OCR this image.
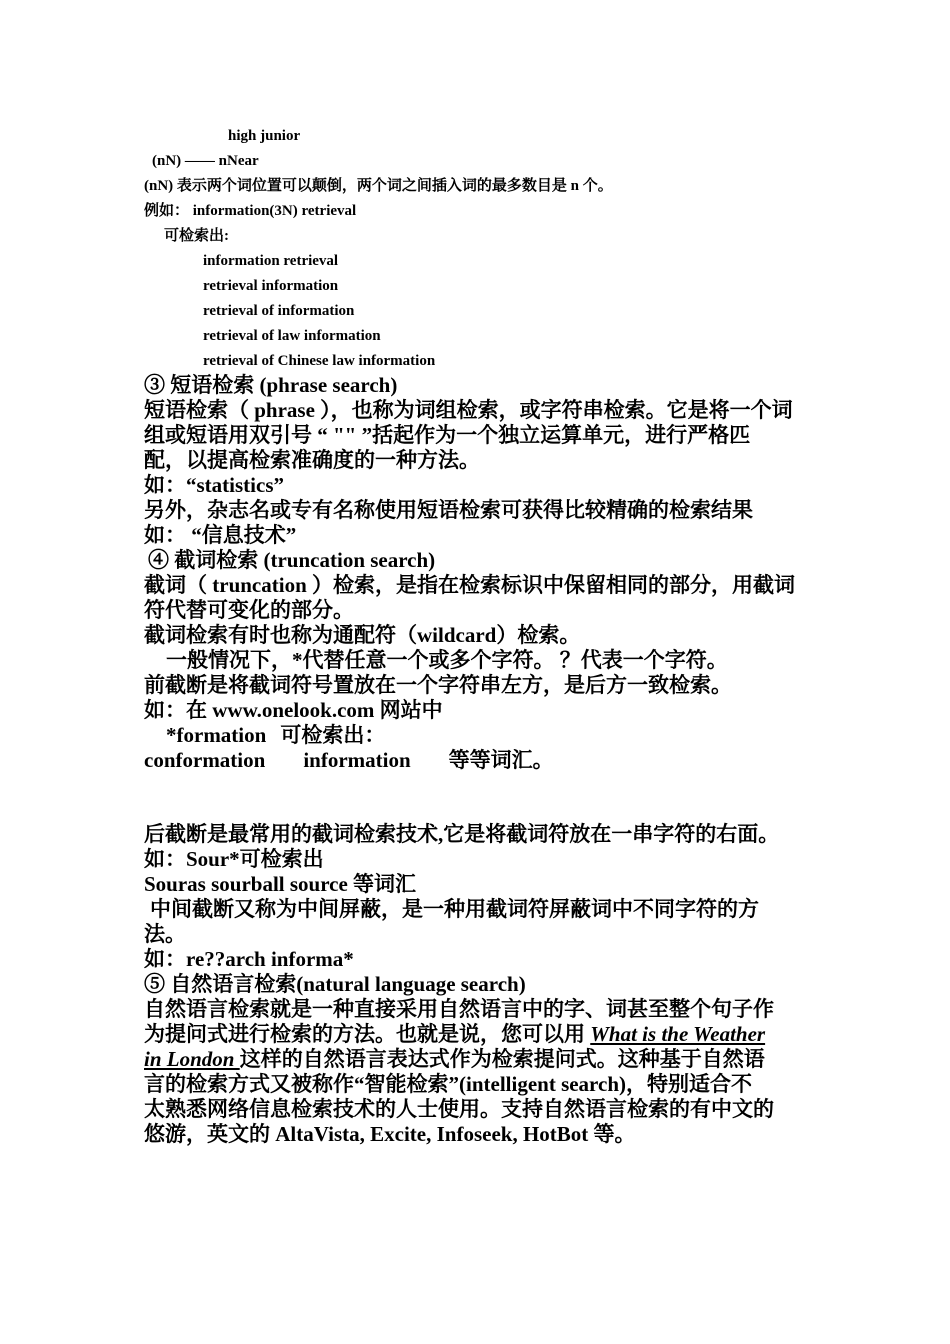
high junior
(nN) —— nNear
(nN) 表示两个词位置可以颠倒，两个词之间插入词的最多数目是 n 个。
例如： information(3N) retrieval
可检索出:
information retrieval
retrieval information
retrieval of information
retrieval of law information
retrieval of Chinese law information
③ 短语检索 (phrase search)
短语检索（ phrase ），也称为词组检索，或字符串检索。它是将一个词
组或短语用双引号 “ "" ”括起作为一个独立运算单元，进行严格匹
配，以提高检索准确度的一种方法。
如：“statistics”
另外，杂志名或专有名称使用短语检索可获得比较精确的检索结果
如： “信息技术”
④ 截词检索 (truncation search)
截词（ truncation ）检索，是指在检索标识中保留相同的部分，用截词
符代替可变化的部分。
截词检索有时也称为通配符（wildcard）检索。
一般情况下，*代替任意一个或多个字符。 ？代表一个字符。
前截断是将截词符号置放在一个字符串左方，是后方一致检索。
如：在 www.onelook.com 网站中
*formation 可检索出：
conformation information 等等词汇。
后截断是最常用的截词检索技术,它是将截词符放在一串字符的右面。
如：Sour*可检索出
Souras sourball source 等词汇
中间截断又称为中间屏蔽，是一种用截词符屏蔽词中不同字符的方
法。
如：re??arch informa*
⑤ 自然语言检索(natural language search)
自然语言检索就是一种直接采用自然语言中的字、词甚至整个句子作
为提问式进行检索的方法。也就是说，您可以用 What is the Weather
in London 这样的自然语言表达式作为检索提问式。这种基于自然语
言的检索方式又被称作“智能检索”(intelligent search)，特别适合不
太熟悉网络信息检索技术的人士使用。支持自然语言检索的有中文的
悠游，英文的 AltaVista, Excite, Infoseek, HotBot 等。
